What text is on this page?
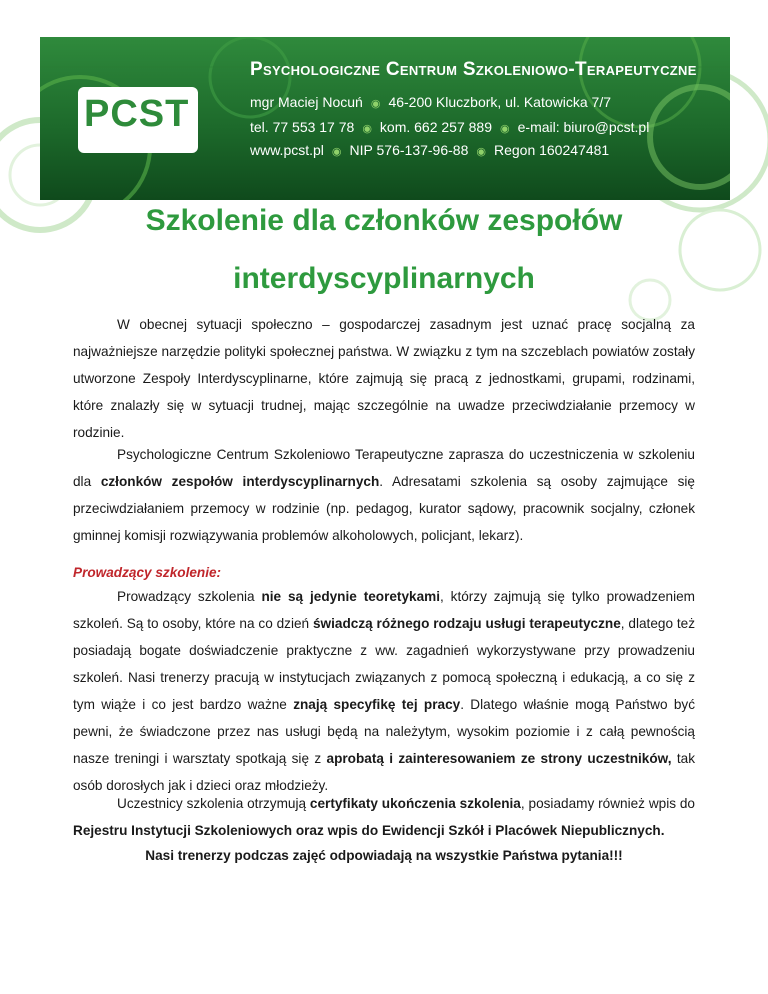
PCST
Psychologiczne Centrum Szkoleniowo-Terapeutyczne
mgr Maciej Nocuń ◉ 46-200 Kluczbork, ul. Katowicka 7/7
tel. 77 553 17 78 ◉ kom. 662 257 889 ◉ e-mail: biuro@pcst.pl
www.pcst.pl ◉ NIP 576-137-96-88 ◉ Regon 160247481
Szkolenie dla członków zespołów
interdyscyplinarnych

W obecnej sytuacji społeczno – gospodarczej zasadnym jest uznać pracę socjalną za najważniejsze narzędzie polityki społecznej państwa. W związku z tym na szczeblach powiatów zostały utworzone Zespoły Interdyscyplinarne, które zajmują się pracą z jednostkami, grupami, rodzinami, które znalazły się w sytuacji trudnej, mając szczególnie na uwadze przeciwdziałanie przemocy w rodzinie.

Psychologiczne Centrum Szkoleniowo Terapeutyczne zaprasza do uczestniczenia w szkoleniu dla członków zespołów interdyscyplinarnych. Adresatami szkolenia są osoby zajmujące się przeciwdziałaniem przemocy w rodzinie (np. pedagog, kurator sądowy, pracownik socjalny, członek gminnej komisji rozwiązywania problemów alkoholowych, policjant, lekarz).

Prowadzący szkolenie:

Prowadzący szkolenia nie są jedynie teoretykami, którzy zajmują się tylko prowadzeniem szkoleń. Są to osoby, które na co dzień świadczą różnego rodzaju usługi terapeutyczne, dlatego też posiadają bogate doświadczenie praktyczne z ww. zagadnień wykorzystywane przy prowadzeniu szkoleń. Nasi trenerzy pracują w instytucjach związanych z pomocą społeczną i edukacją, a co się z tym wiąże i co jest bardzo ważne znają specyfikę tej pracy. Dlatego właśnie mogą Państwo być pewni, że świadczone przez nas usługi będą na należytym, wysokim poziomie i z całą pewnością nasze treningi i warsztaty spotkają się z aprobatą i zainteresowaniem ze strony uczestników, tak osób dorosłych jak i dzieci oraz młodzieży.

Uczestnicy szkolenia otrzymują certyfikaty ukończenia szkolenia, posiadamy również wpis do Rejestru Instytucji Szkoleniowych oraz wpis do Ewidencji Szkół i Placówek Niepublicznych.

Nasi trenerzy podczas zajęć odpowiadają na wszystkie Państwa pytania!!!
